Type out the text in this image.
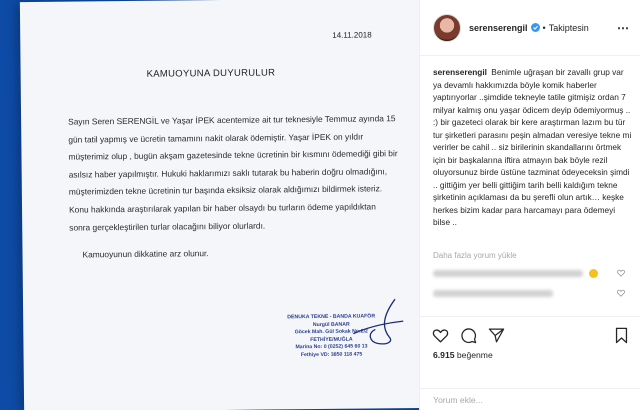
14.11.2018
KAMUOYUNA DUYURULUR

Sayın Seren SERENGİL ve Yaşar İPEK acentemize ait tur teknesiyle Temmuz ayında 15 gün tatil yapmış ve ücretin tamamını nakit olarak ödemiştir. Yaşar İPEK on yıldır müşterimiz olup , bugün akşam gazetesinde tekne ücretinin bir kısmını ödemediği gibi bir asılsız haber yapılmıştır. Hukuki haklarımızı saklı tutarak bu haberin doğru olmadığını, müşterimizden tekne ücretinin tur başında eksiksiz olarak aldığımızı bildirmek isteriz. Konu hakkında araştırılarak yapılan bir haber olsaydı bu turların ödeme yapıldıktan sonra gerçekleştirilen turlar olacağını biliyor olurlardı.

Kamuoyunun dikkatine arz olunur.
DENUKA TEKNE - BANDA KUAFÖR
Nurgül BANAR
Göcek Mah. Gül Sokak No:2/2
FETHİYE/MUĞLA
Marina No: 0 (0252) 645 60 13
Fethiye VD: 3850 118 475
serenserengil • Takiptesin ⋯
serenserengil Benimle uğraşan bir zavallı grup var ya devamlı hakkımızda böyle komik haberler yaptırıyorlar ..şimdide tekneyle tatile gitmişiz ordan 7 milyar kalmış onu yaşar ödicem deyip ödemiyormuş .. :) bir gazeteci olarak bir kere araştırman lazım bu tür tur şirketleri parasını peşin almadan veresiye tekne mi verirler be cahil .. siz birilerinin skandallarını örtmek için bir başkalarına iftira atmayın bak böyle rezil oluyorsunuz birde üstüne tazminat ödeyeceksin şimdi .. gittiğim yer belli gittiğim tarih belli kaldığım tekne şirketinin açıklaması da bu şerefli olun artık… keşke herkes bizim kadar para harcamayı para ödemeyi bilse ..
Daha fazla yorum yükle
6.915 beğenme
Yorum ekle...
